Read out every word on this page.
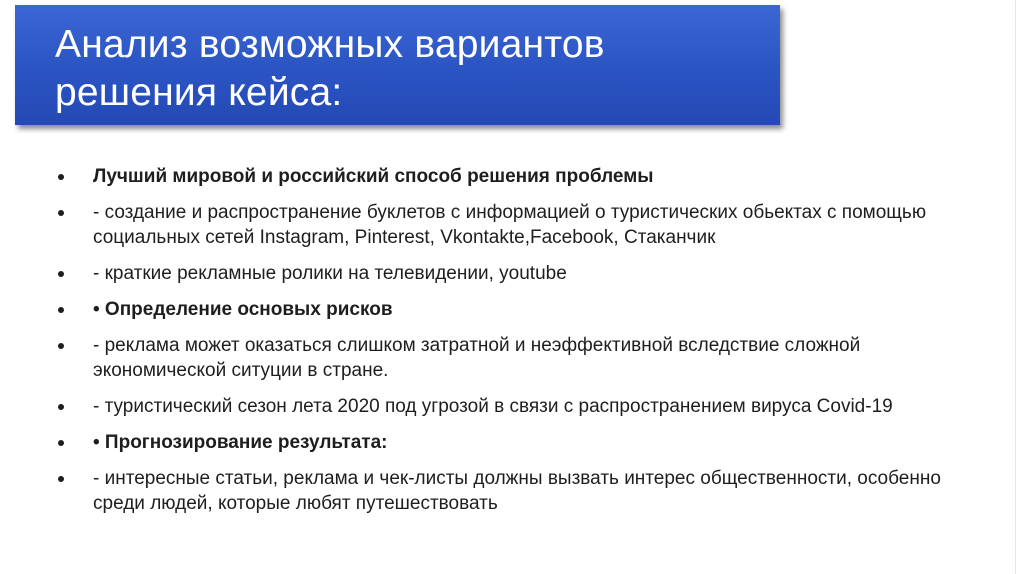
Анализ возможных вариантов
решения кейса:
Лучший мировой и российский способ решения проблемы
- создание и распространение буклетов с информацией о туристических обьектах с помощью социальных сетей Instagram, Pinterest, Vkontakte,Facebook, Стаканчик
- краткие рекламные ролики на телевидении, youtube
• Определение основых рисков
- реклама может оказаться слишком затратной и неэффективной вследствие сложной экономической ситуции в стране.
- туристический сезон лета 2020 под угрозой в связи с распространением вируса Covid-19
• Прогнозирование результата:
- интересные статьи, реклама и чек-листы должны вызвать интерес общественности, особенно среди людей, которые любят путешествовать
